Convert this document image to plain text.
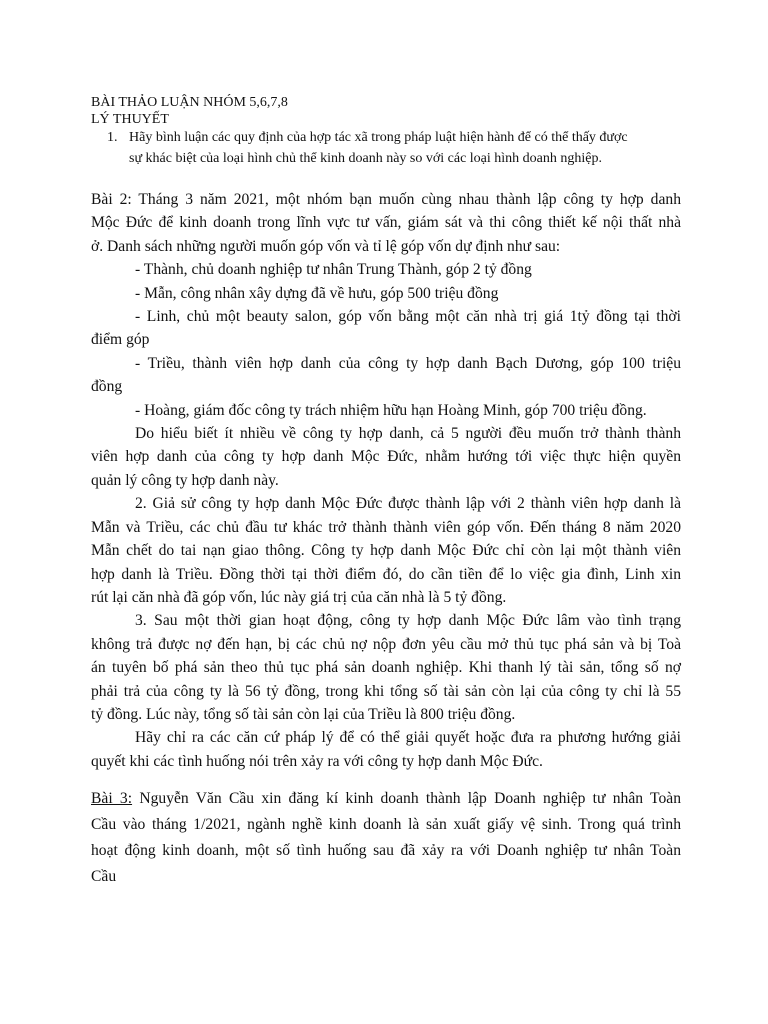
BÀI THẢO LUẬN NHÓM 5,6,7,8
LÝ THUYẾT
1. Hãy bình luận các quy định của hợp tác xã trong pháp luật hiện hành để có thể thấy được
sự khác biệt của loại hình chủ thể kinh doanh này so với các loại hình doanh nghiệp.
Bài 2: Tháng 3 năm 2021, một nhóm bạn muốn cùng nhau thành lập công ty hợp danh
Mộc Đức để kinh doanh trong lĩnh vực tư vấn, giám sát và thi công thiết kế nội thất nhà
ở. Danh sách những người muốn góp vốn và tỉ lệ góp vốn dự định như sau:
- Thành, chủ doanh nghiệp tư nhân Trung Thành, góp 2 tỷ đồng
- Mẫn, công nhân xây dựng đã về hưu, góp 500 triệu đồng
- Linh, chủ một beauty salon, góp vốn bằng một căn nhà trị giá 1tỷ đồng tại thời
điểm góp
- Triều, thành viên hợp danh của công ty hợp danh Bạch Dương, góp 100 triệu
đồng
- Hoàng, giám đốc công ty trách nhiệm hữu hạn Hoàng Minh, góp 700 triệu đồng.
Do hiểu biết ít nhiều về công ty hợp danh, cả 5 người đều muốn trở thành thành
viên hợp danh của công ty hợp danh Mộc Đức, nhằm hướng tới việc thực hiện quyền
quản lý công ty hợp danh này.
2. Giả sử công ty hợp danh Mộc Đức được thành lập với 2 thành viên hợp danh là
Mẫn và Triều, các chủ đầu tư khác trở thành thành viên góp vốn. Đến tháng 8 năm 2020
Mẫn chết do tai nạn giao thông. Công ty hợp danh Mộc Đức chỉ còn lại một thành viên
hợp danh là Triều. Đồng thời tại thời điểm đó, do cần tiền để lo việc gia đình, Linh xin
rút lại căn nhà đã góp vốn, lúc này giá trị của căn nhà là 5 tỷ đồng.
3. Sau một thời gian hoạt động, công ty hợp danh Mộc Đức lâm vào tình trạng
không trả được nợ đến hạn, bị các chủ nợ nộp đơn yêu cầu mở thủ tục phá sản và bị Toà
án tuyên bố phá sản theo thủ tục phá sản doanh nghiệp. Khi thanh lý tài sản, tổng số nợ
phải trả của công ty là 56 tỷ đồng, trong khi tổng số tài sản còn lại của công ty chỉ là 55
tỷ đồng. Lúc này, tổng số tài sản còn lại của Triều là 800 triệu đồng.
Hãy chỉ ra các căn cứ pháp lý để có thể giải quyết hoặc đưa ra phương hướng giải
quyết khi các tình huống nói trên xảy ra với công ty hợp danh Mộc Đức.
Bài 3: Nguyễn Văn Cầu xin đăng kí kinh doanh thành lập Doanh nghiệp tư nhân Toàn
Cầu vào tháng 1/2021, ngành nghề kinh doanh là sản xuất giấy vệ sinh. Trong quá trình
hoạt động kinh doanh, một số tình huống sau đã xảy ra với Doanh nghiệp tư nhân Toàn
Cầu
